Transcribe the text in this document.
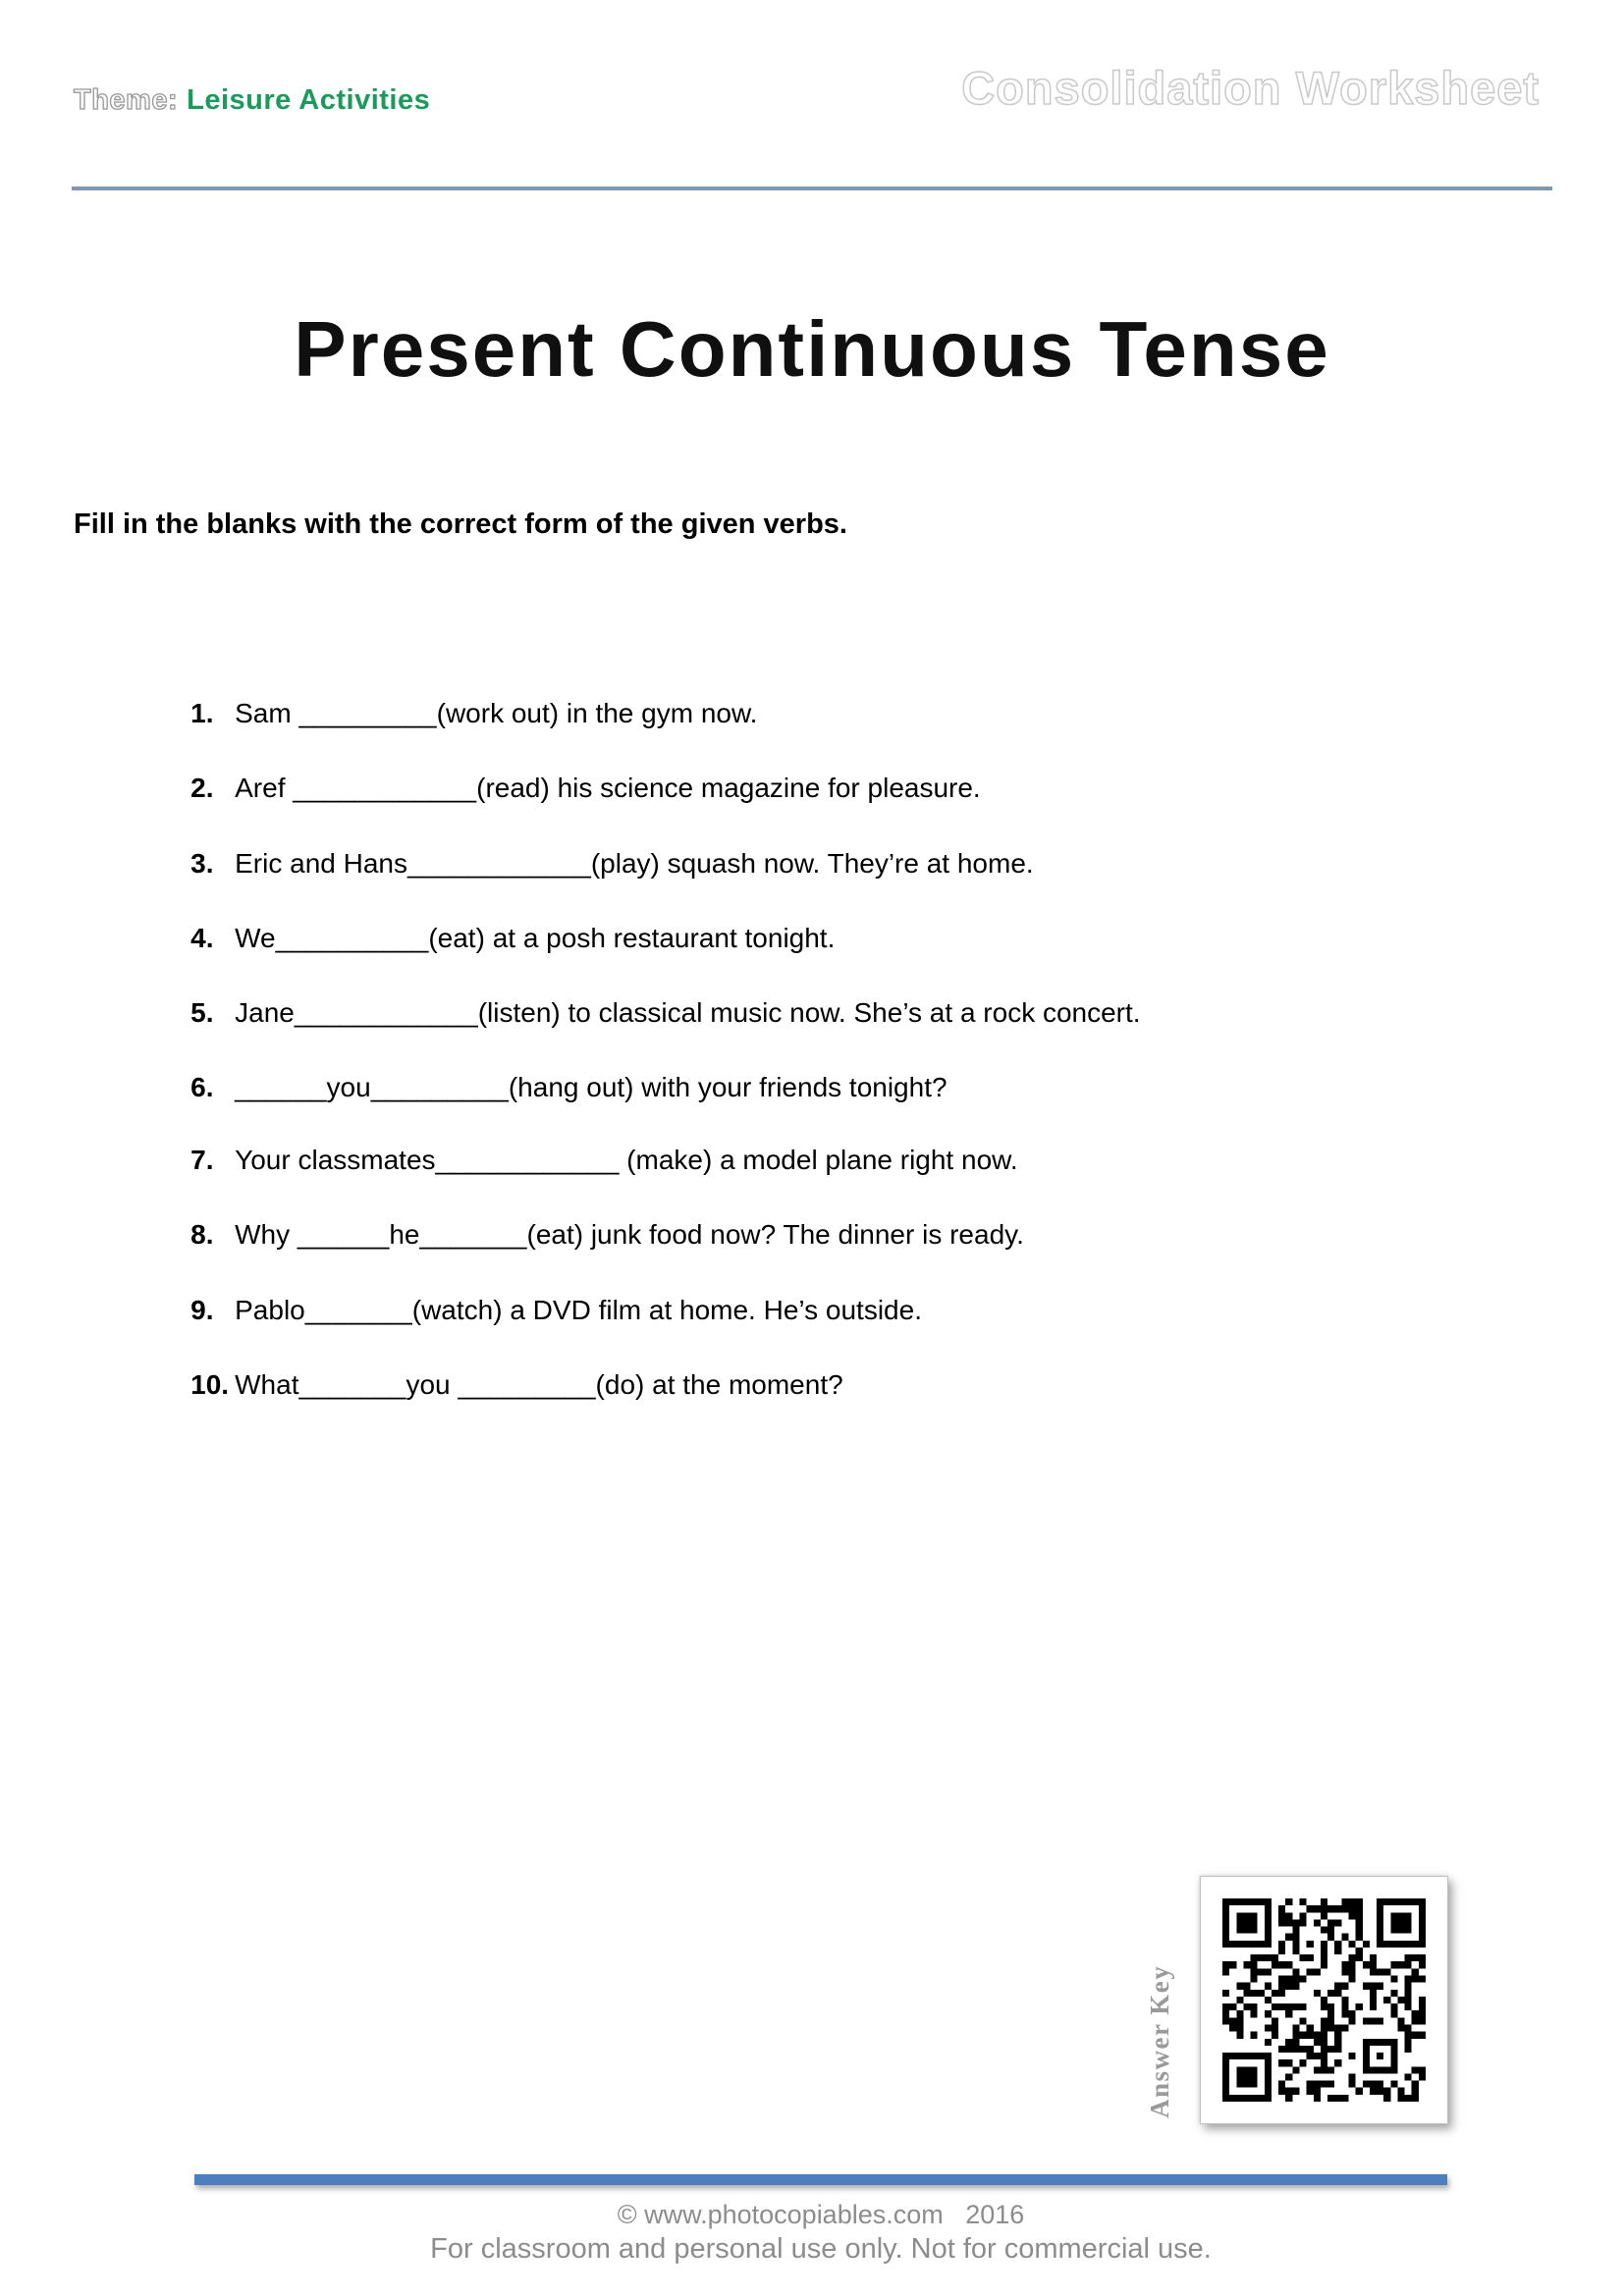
Theme: Leisure Activities	Consolidation Worksheet
Present Continuous Tense
Fill in the blanks with the correct form of the given verbs.

1. Sam _________(work out) in the gym now.

2. Aref ____________(read) his science magazine for pleasure.

3. Eric and Hans____________(play) squash now. They’re at home.

4. We__________(eat) at a posh restaurant tonight.

5. Jane____________(listen) to classical music now. She’s at a rock concert.

6. ______you_________(hang out) with your friends tonight?

7. Your classmates____________ (make) a model plane right now.

8. Why ______he_______(eat) junk food now? The dinner is ready.

9. Pablo_______(watch) a DVD film at home. He’s outside.

10. What_______you _________(do) at the moment?

Answer Key
© www.photocopiables.com   2016
For classroom and personal use only. Not for commercial use.
